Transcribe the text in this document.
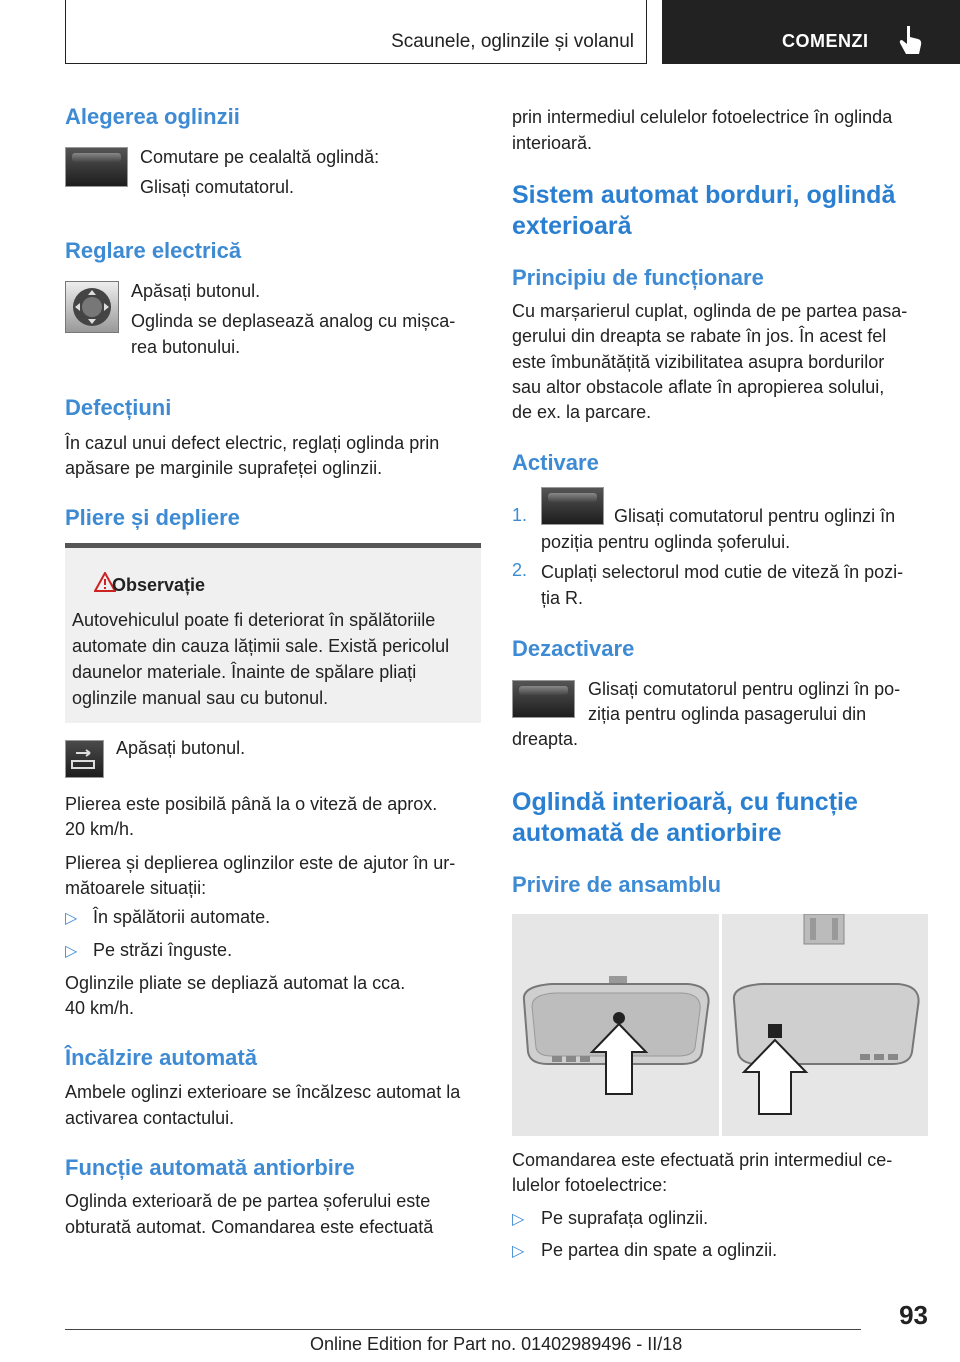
Scaunele, oglinzile și volanul	COMENZI
Alegerea oglinzii

Comutare pe cealaltă oglindă:

Glisați comutatorul.

Reglare electrică

Apăsați butonul.

Oglinda se deplasează analog cu mișca-

rea butonului.

Defecțiuni

În cazul unui defect electric, reglați oglinda prin

apăsare pe marginile suprafeței oglinzii.

Pliere și depliere
Observație

Autovehiculul poate fi deteriorat în spălătoriile

automate din cauza lățimii sale. Există pericolul

daunelor materiale. Înainte de spălare pliați

oglinzile manual sau cu butonul.

Apăsați butonul.

Plierea este posibilă până la o viteză de aprox.

20 km/h.

Plierea și deplierea oglinzilor este de ajutor în ur-

mătoarele situații:

▷ În spălătorii automate.

▷ Pe străzi înguste.

Oglinzile pliate se depliază automat la cca.

40 km/h.

Încălzire automată

Ambele oglinzi exterioare se încălzesc automat la

activarea contactului.

Funcție automată antiorbire

Oglinda exterioară de pe partea șoferului este

obturată automat. Comandarea este efectuată

prin intermediul celulelor fotoelectrice în oglinda

interioară.

Sistem automat borduri, oglindă
exterioară
Principiu de funcționare

Cu marșarierul cuplat, oglinda de pe partea pasa-

gerului din dreapta se rabate în jos. În acest fel

este îmbunătățită vizibilitatea asupra bordurilor

sau altor obstacole aflate în apropierea solului,

de ex. la parcare.

Activare
1.	Glisați comutatorul pentru oglinzi în

poziția pentru oglinda șoferului.

2. Cuplați selectorul mod cutie de viteză în pozi-

ția R.

Dezactivare

Glisați comutatorul pentru oglinzi în po-

ziția pentru oglinda pasagerului din

dreapta.

Oglindă interioară, cu funcție
automată de antiorbire
Privire de ansamblu

Comandarea este efectuată prin intermediul ce-

lulelor fotoelectrice:

▷ Pe suprafața oglinzii.

▷ Pe partea din spate a oglinzii.

93
Online Edition for Part no. 01402989496 - II/18
